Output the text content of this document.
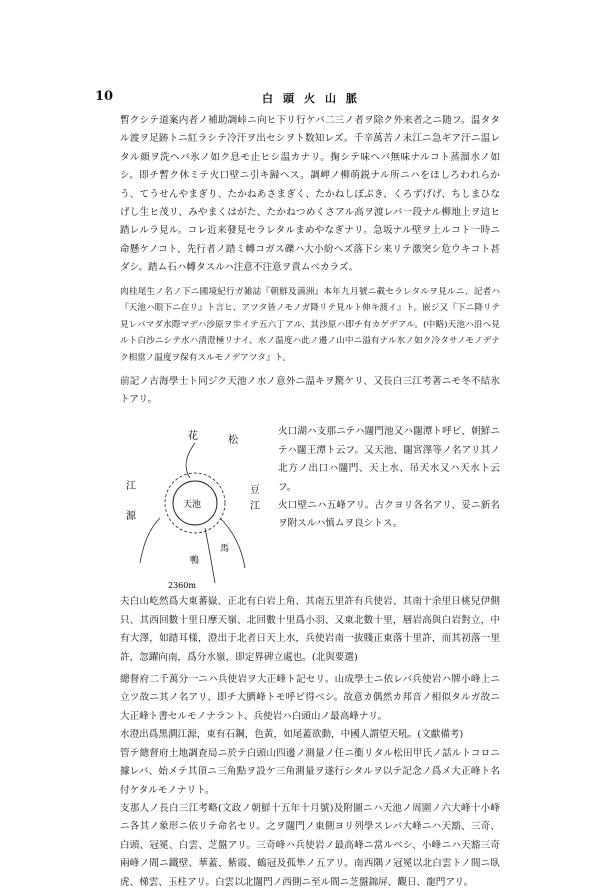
10	白頭火山脈

暫クシテ道案内者ノ補助調峠ニ向ヒ下リ行ケバ二三ノ者ヲ除ク外来者之ニ随フ。温タタル渡ヲ足跡トニ紅ラシテ冷汗ヲ出セシヲト数知レズ。千辛萬苦ノ末江ニ急ギア汗ニ温レタル顔ヲ洗ヘバ氷ノ如ク息モ止ヒシ温カナリ。掬シテ味ヘバ無味ナルコト蒸溜水ノ如シ。即チ暫ク休ミテ火口壁ニ引キ歸ヘス。調岬ノ柳萌鋭ナル所ニハをほしろわれらかう、てうせんやまぎり、たかねあさまぎく、たかねしぼぶき、くろずげげ、ちしまひなげし生ヒ茂リ、みやまくはがた、たかねつめくさアル高ヲ渡レバ一段ナル柳地上ヲ這ヒ踏レルラ見ル。コレ近来發見セラレタルまめやなぎナリ。急坂ナル壁ヲ上ルコト一時ニ命懸ケノコト、先行者ノ踏ミ轉コガス礫ハ大小紛ヘズ落下シ来リテ激突シ危ウキコト甚ダシ。踏ム石ハ轉タスルハ注意不注意ヲ責ムベカラズ。

肉桂尾生ノ名ノ下ニ國境紀行ガ雑誌『朝鮮及満洲』本年九月號ニ載セラレタルヲ見ルニ、記者ハ『天池ハ眼下ニ在リ』ト言ヒ、アツタ皆ノモノガ降リテ見ルト伸キ渡イ』ト。嵌ジ又『下ニ降リテ見レバマダ水際マデハ沙原ヲ歩イテ五六丁アル、其沙原ハ即チ有カゲデアル。(中略)天池ハ沿ヘ見ルト白沙ニシテ水ハ清澄極リナイ、水ノ温度ハ此ノ邊ノ山中ニ溢有ナル氷ノ如ク冷タサノモノデナク相當ノ温度ヲ保有スルモノデアツタ』ト。

前記ノ古海學士ト同ジク天池ノ水ノ意外ニ温キヲ驚ケリ、又長白三江考著ニモ冬不結氷トアリ。

天池
花	松
江
源
豆
江
馬
鴨
2360m

火口湖ハ支那ニテハ闥門池又ハ闥潭ト呼ビ、朝鮮ニテハ闥王潭ト云フ。又天池、闥宮澤等ノ名アリ其ノ北方ノ出口ハ闥門、天上水、吊天水又ハ天水ト云フ。

火口壁ニハ五峰アリ。古クヨリ各名アリ、妥ニ新名ヲ附スルハ慎ムヲ良シトス。

夫白山屹然爲大東蕃嶽、正北有白岩上角、其南五里許有兵使岩、其南十余里日桃兒伊側只、其西回數十里日摩天嶺、北回數十里爲小羽、又東北數十里，層岩高與白岩對立，中有大澤，如踏耳樣，澄出于北者日天上水，兵使岩南一抜賤正東落十里許，而其初落一里許，忽躍向南，爲分水嶺，即定界碑立處也。(北與要選)

總督府二千萬分一ニハ兵使岩ヲ大正峰ト記セリ。山成學士ニ依レバ兵使岩ハ牌小峰上ニ立ツ故ニ其ノ名アリ、即チ大臍峰トモ呼ビ得ベシ。故意カ偶然カ邦音ノ相似タルガ故ニ大正峰ト書セルモノナラント、兵使岩ハ白頭山ノ最高峰ナリ。

水澄出爲黑澗江源，東有石鋼，色黃，如尾蓋欲動，中國人謂望天吼。(文獻備考)

管テ總督府土地調査局ニ於テ白頭山四邊ノ測量ノ任ニ衝リタル松田甲氏ノ話ルトコロニ據レバ、始メテ其頂ニ三角點ヲ設ケ三角測量ヲ遂行シタルヲ以テ記念ノ爲メ大正峰ト名付ケタルモノナリト。

支那人ノ長白三江考略(文政ノ朝鮮十五年十月號)及附圖ニハ天池ノ周圍ノ六大峰十小峰ニ各其ノ象形ニ依リテ命名セリ。之ヲ闥門ノ東側ヨリ列學スレバ大峰ニハ天豁、三奇、白頭、冠冕、白雲、芝盤アリ。三奇峰ハ兵使岩ノ最高峰ニ當ルベシ、小峰ニハ天豁三奇兩峰ノ間ニ鐵壁、華蓋、紫霞、鶴冠及孤隼ノ五アリ。南西隅ノ冠冕以北白雲トノ間ニ臥虎、梯雲、玉柱アリ。白雲以北闥門ノ西側ニ至ル間ニ芝盤錦屏、觀日、龍門アリ。
